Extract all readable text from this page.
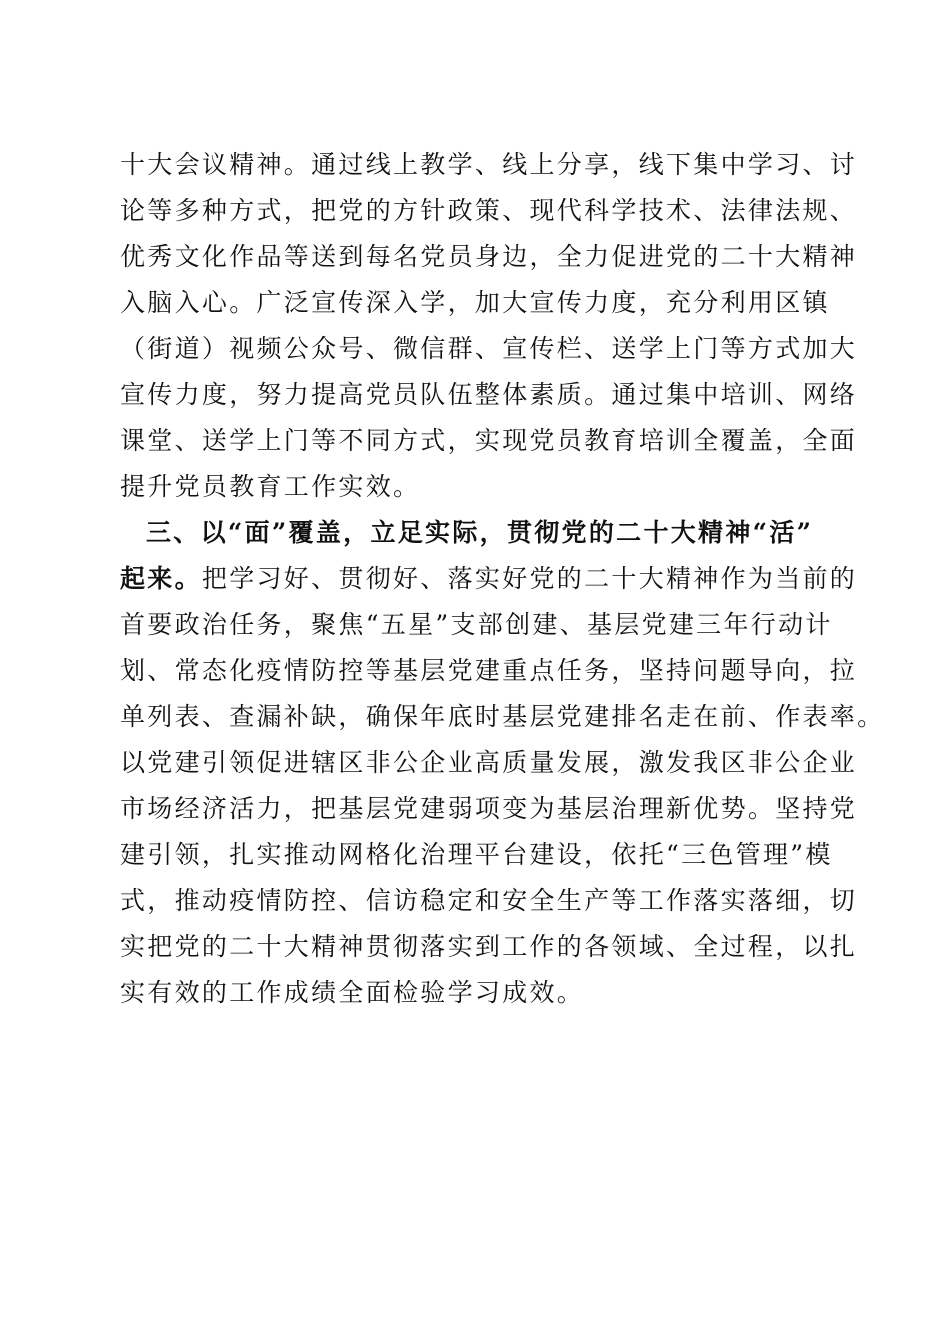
十大会议精神。通过线上教学、线上分享，线下集中学习、讨
论等多种方式，把党的方针政策、现代科学技术、法律法规、
优秀文化作品等送到每名党员身边，全力促进党的二十大精神
入脑入心。广泛宣传深入学，加大宣传力度，充分利用区镇
（街道）视频公众号、微信群、宣传栏、送学上门等方式加大
宣传力度，努力提高党员队伍整体素质。通过集中培训、网络
课堂、送学上门等不同方式，实现党员教育培训全覆盖，全面
提升党员教育工作实效。
三、以“面”覆盖，立足实际，贯彻党的二十大精神“活”
起来。把学习好、贯彻好、落实好党的二十大精神作为当前的
首要政治任务，聚焦“五星”支部创建、基层党建三年行动计
划、常态化疫情防控等基层党建重点任务，坚持问题导向，拉
单列表、查漏补缺，确保年底时基层党建排名走在前、作表率。
以党建引领促进辖区非公企业高质量发展，激发我区非公企业
市场经济活力，把基层党建弱项变为基层治理新优势。坚持党
建引领，扎实推动网格化治理平台建设，依托“三色管理”模
式，推动疫情防控、信访稳定和安全生产等工作落实落细，切
实把党的二十大精神贯彻落实到工作的各领域、全过程，以扎
实有效的工作成绩全面检验学习成效。
